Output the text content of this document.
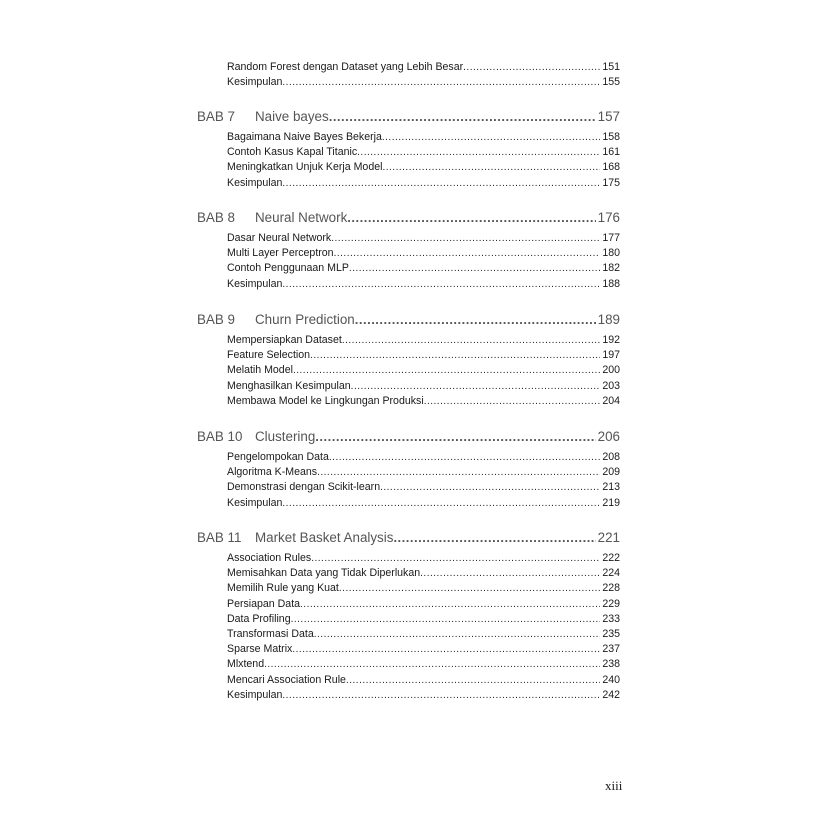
Random Forest dengan Dataset yang Lebih Besar .....	151
Kesimpulan .....	155
BAB 7	Naive bayes .....	157
Bagaimana Naive Bayes Bekerja .....	158
Contoh Kasus Kapal Titanic .....	161
Meningkatkan Unjuk Kerja Model .....	168
Kesimpulan .....	175
BAB 8	Neural Network .....	176
Dasar Neural Network .....	177
Multi Layer Perceptron .....	180
Contoh Penggunaan MLP .....	182
Kesimpulan .....	188
BAB 9	Churn Prediction .....	189
Mempersiapkan Dataset .....	192
Feature Selection .....	197
Melatih Model .....	200
Menghasilkan Kesimpulan .....	203
Membawa Model ke Lingkungan Produksi .....	204
BAB 10 Clustering .....	206
Pengelompokan Data .....	208
Algoritma K-Means .....	209
Demonstrasi dengan Scikit-learn .....	213
Kesimpulan .....	219
BAB 11	Market Basket Analysis .....	221
Association Rules .....	222
Memisahkan Data yang Tidak Diperlukan .....	224
Memilih Rule yang Kuat .....	228
Persiapan Data .....	229
Data Profiling .....	233
Transformasi Data .....	235
Sparse Matrix .....	237
Mlxtend .....	238
Mencari Association Rule .....	240
Kesimpulan .....	242
xiii
